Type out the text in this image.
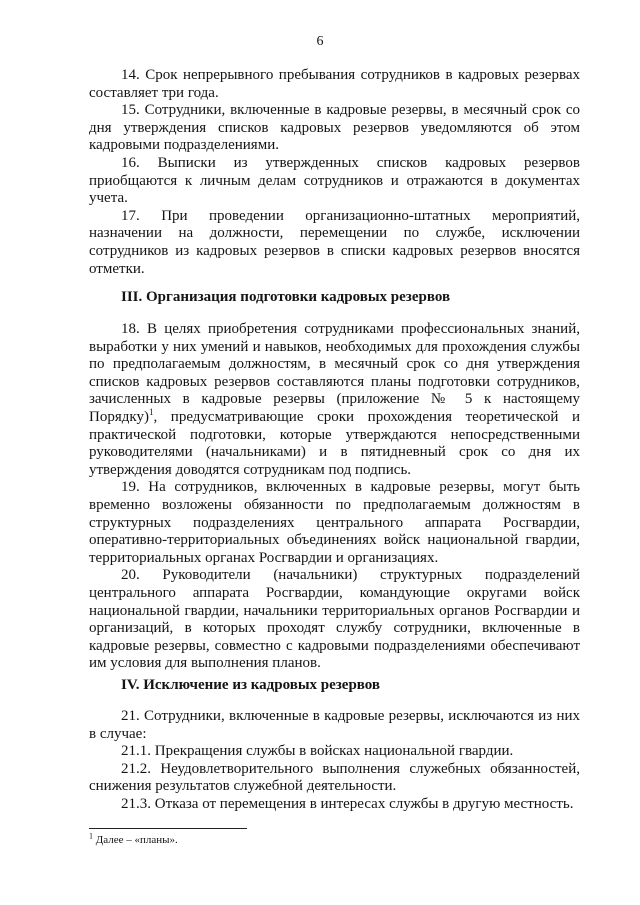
6

14. Срок непрерывного пребывания сотрудников в кадровых резервах составляет три года.

15. Сотрудники, включенные в кадровые резервы, в месячный срок со дня утверждения списков кадровых резервов уведомляются об этом кадровыми подразделениями.

16. Выписки из утвержденных списков кадровых резервов приобщаются к личным делам сотрудников и отражаются в документах учета.

17. При проведении организационно-штатных мероприятий, назначении на должности, перемещении по службе, исключении сотрудников из кадровых резервов в списки кадровых резервов вносятся отметки.

III. Организация подготовки кадровых резервов

18. В целях приобретения сотрудниками профессиональных знаний, выработки у них умений и навыков, необходимых для прохождения службы по предполагаемым должностям, в месячный срок со дня утверждения списков кадровых резервов составляются планы подготовки сотрудников, зачисленных в кадровые резервы (приложение № 5 к настоящему Порядку)$^1$, предусматривающие сроки прохождения теоретической и практической подготовки, которые утверждаются непосредственными руководителями (начальниками) и в пятидневный срок со дня их утверждения доводятся сотрудникам под подпись.

19. На сотрудников, включенных в кадровые резервы, могут быть временно возложены обязанности по предполагаемым должностям в структурных подразделениях центрального аппарата Росгвардии, оперативно-территориальных объединениях войск национальной гвардии, территориальных органах Росгвардии и организациях.

20. Руководители (начальники) структурных подразделений центрального аппарата Росгвардии, командующие округами войск национальной гвардии, начальники территориальных органов Росгвардии и организаций, в которых проходят службу сотрудники, включенные в кадровые резервы, совместно с кадровыми подразделениями обеспечивают им условия для выполнения планов.

IV. Исключение из кадровых резервов

21. Сотрудники, включенные в кадровые резервы, исключаются из них в случае:

21.1. Прекращения службы в войсках национальной гвардии.

21.2. Неудовлетворительного выполнения служебных обязанностей, снижения результатов служебной деятельности.

21.3. Отказа от перемещения в интересах службы в другую местность.

$^1$ Далее – «планы».
